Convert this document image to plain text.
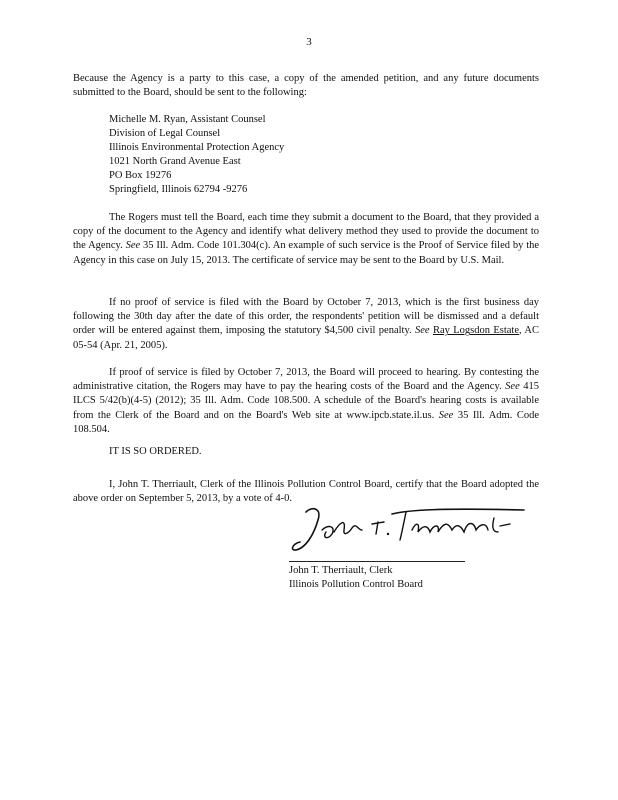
3

Because the Agency is a party to this case, a copy of the amended petition, and any future documents submitted to the Board, should be sent to the following:

Michelle M. Ryan, Assistant Counsel
Division of Legal Counsel
Illinois Environmental Protection Agency
1021 North Grand Avenue East
PO Box 19276
Springfield, Illinois 62794 -9276

The Rogers must tell the Board, each time they submit a document to the Board, that they provided a copy of the document to the Agency and identify what delivery method they used to provide the document to the Agency. See 35 Ill. Adm. Code 101.304(c). An example of such service is the Proof of Service filed by the Agency in this case on July 15, 2013. The certificate of service may be sent to the Board by U.S. Mail.

If no proof of service is filed with the Board by October 7, 2013, which is the first business day following the 30th day after the date of this order, the respondents' petition will be dismissed and a default order will be entered against them, imposing the statutory $4,500 civil penalty. See Ray Logsdon Estate, AC 05-54 (Apr. 21, 2005).

If proof of service is filed by October 7, 2013, the Board will proceed to hearing. By contesting the administrative citation, the Rogers may have to pay the hearing costs of the Board and the Agency. See 415 ILCS 5/42(b)(4-5) (2012); 35 Ill. Adm. Code 108.500. A schedule of the Board's hearing costs is available from the Clerk of the Board and on the Board's Web site at www.ipcb.state.il.us. See 35 Ill. Adm. Code 108.504.

IT IS SO ORDERED.

I, John T. Therriault, Clerk of the Illinois Pollution Control Board, certify that the Board adopted the above order on September 5, 2013, by a vote of 4-0.

John T. Therriault, Clerk
Illinois Pollution Control Board
